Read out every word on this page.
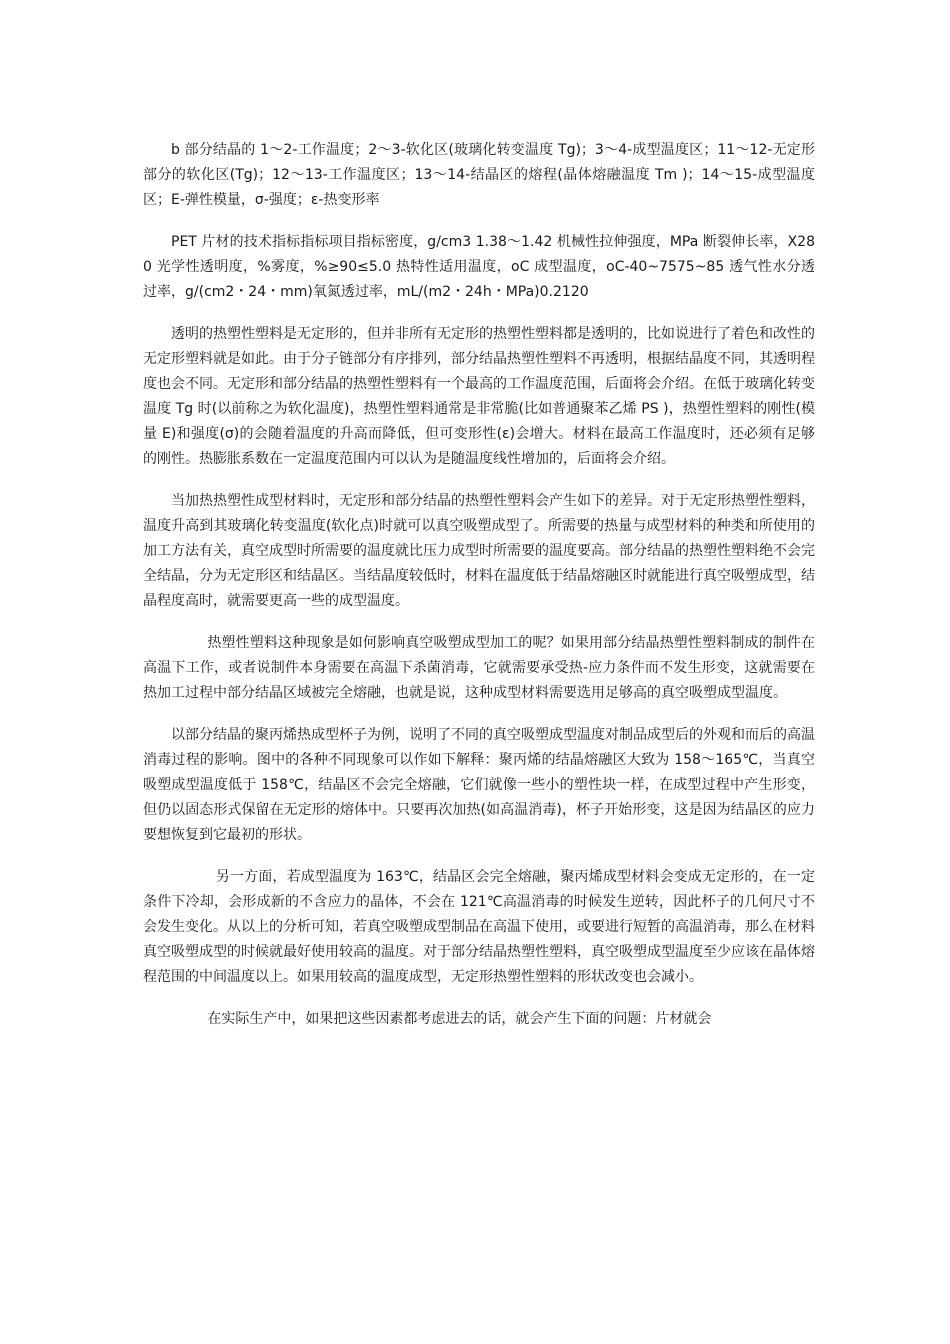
b 部分结晶的 1～2-工作温度；2～3-软化区(玻璃化转变温度 Tg)；3～4-成型温度区；11～12-无定形部分的软化区(Tg)；12～13-工作温度区；13～14-结晶区的熔程(晶体熔融温度 Tm )；14～15-成型温度区；E-弹性模量，σ-强度；ε-热变形率

PET 片材的技术指标指标项目指标密度，g/cm3 1.38～1.42 机械性拉伸强度，MPa 断裂伸长率，X280 光学性透明度，%雾度，%≥90≤5.0 热特性适用温度，oC 成型温度，oC-40~7575~85 透气性水分透过率，g/(cm2・24・mm)氧氮透过率，mL/(m2・24h・MPa)0.2120

透明的热塑性塑料是无定形的，但并非所有无定形的热塑性塑料都是透明的，比如说进行了着色和改性的无定形塑料就是如此。由于分子链部分有序排列，部分结晶热塑性塑料不再透明，根据结晶度不同，其透明程度也会不同。无定形和部分结晶的热塑性塑料有一个最高的工作温度范围，后面将会介绍。在低于玻璃化转变温度 Tg 时(以前称之为软化温度)，热塑性塑料通常是非常脆(比如普通聚苯乙烯 PS )，热塑性塑料的刚性(模量 E)和强度(σ)的会随着温度的升高而降低，但可变形性(ε)会增大。材料在最高工作温度时，还必须有足够的刚性。热膨胀系数在一定温度范围内可以认为是随温度线性增加的，后面将会介绍。

当加热热塑性成型材料时，无定形和部分结晶的热塑性塑料会产生如下的差异。对于无定形热塑性塑料，温度升高到其玻璃化转变温度(软化点)时就可以真空吸塑成型了。所需要的热量与成型材料的种类和所使用的加工方法有关，真空成型时所需要的温度就比压力成型时所需要的温度要高。部分结晶的热塑性塑料绝不会完全结晶，分为无定形区和结晶区。当结晶度较低时，材料在温度低于结晶熔融区时就能进行真空吸塑成型，结晶程度高时，就需要更高一些的成型温度。

热塑性塑料这种现象是如何影响真空吸塑成型加工的呢？如果用部分结晶热塑性塑料制成的制件在高温下工作，或者说制件本身需要在高温下杀菌消毒，它就需要承受热-应力条件而不发生形变，这就需要在热加工过程中部分结晶区域被完全熔融，也就是说，这种成型材料需要选用足够高的真空吸塑成型温度。

以部分结晶的聚丙烯热成型杯子为例，说明了不同的真空吸塑成型温度对制品成型后的外观和而后的高温消毒过程的影响。图中的各种不同现象可以作如下解释：聚丙烯的结晶熔融区大致为 158～165℃，当真空吸塑成型温度低于 158℃，结晶区不会完全熔融，它们就像一些小的塑性块一样，在成型过程中产生形变，但仍以固态形式保留在无定形的熔体中。只要再次加热(如高温消毒)，杯子开始形变，这是因为结晶区的应力要想恢复到它最初的形状。

另一方面，若成型温度为 163℃，结晶区会完全熔融，聚丙烯成型材料会变成无定形的，在一定条件下冷却，会形成新的不含应力的晶体，不会在 121℃高温消毒的时候发生逆转，因此杯子的几何尺寸不会发生变化。从以上的分析可知，若真空吸塑成型制品在高温下使用，或要进行短暂的高温消毒，那么在材料真空吸塑成型的时候就最好使用较高的温度。对于部分结晶热塑性塑料，真空吸塑成型温度至少应该在晶体熔程范围的中间温度以上。如果用较高的温度成型，无定形热塑性塑料的形状改变也会减小。

在实际生产中，如果把这些因素都考虑进去的话，就会产生下面的问题：片材就会
